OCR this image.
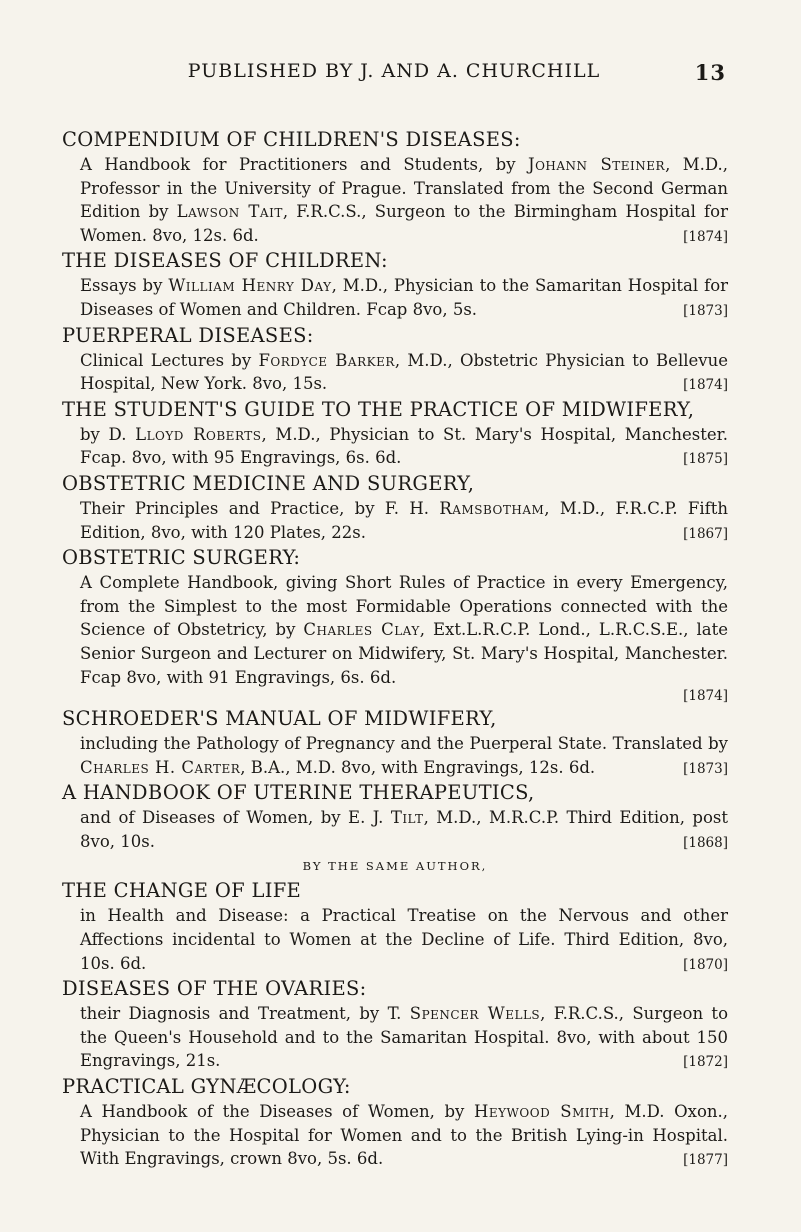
PUBLISHED BY J. AND A. CHURCHILL	13
COMPENDIUM OF CHILDREN'S DISEASES:
A Handbook for Practitioners and Students, by Johann Steiner, M.D., Professor in the University of Prague. Translated from the Second German Edition by Lawson Tait, F.R.C.S., Surgeon to the Birmingham Hospital for Women. 8vo, 12s. 6d.	[1874]
THE DISEASES OF CHILDREN:
Essays by William Henry Day, M.D., Physician to the Samaritan Hospital for Diseases of Women and Children. Fcap 8vo, 5s.	[1873]
PUERPERAL DISEASES:
Clinical Lectures by Fordyce Barker, M.D., Obstetric Physician to Bellevue Hospital, New York. 8vo, 15s.	[1874]
THE STUDENT'S GUIDE TO THE PRACTICE OF MIDWIFERY,
by D. Lloyd Roberts, M.D., Physician to St. Mary's Hospital, Manchester. Fcap. 8vo, with 95 Engravings, 6s. 6d.	[1875]
OBSTETRIC MEDICINE AND SURGERY,
Their Principles and Practice, by F. H. Ramsbotham, M.D., F.R.C.P. Fifth Edition, 8vo, with 120 Plates, 22s.	[1867]
OBSTETRIC SURGERY:
A Complete Handbook, giving Short Rules of Practice in every Emergency, from the Simplest to the most Formidable Operations connected with the Science of Obstetricy, by Charles Clay, Ext.L.R.C.P. Lond., L.R.C.S.E., late Senior Surgeon and Lecturer on Midwifery, St. Mary's Hospital, Manchester. Fcap 8vo, with 91 Engravings, 6s. 6d.
[1874]
SCHROEDER'S MANUAL OF MIDWIFERY,
including the Pathology of Pregnancy and the Puerperal State. Translated by Charles H. Carter, B.A., M.D. 8vo, with Engravings, 12s. 6d.	[1873]
A HANDBOOK OF UTERINE THERAPEUTICS,
and of Diseases of Women, by E. J. Tilt, M.D., M.R.C.P. Third Edition, post 8vo, 10s.	[1868]
BY THE SAME AUTHOR,
THE CHANGE OF LIFE
in Health and Disease: a Practical Treatise on the Nervous and other Affections incidental to Women at the Decline of Life. Third Edition, 8vo, 10s. 6d.	[1870]
DISEASES OF THE OVARIES:
their Diagnosis and Treatment, by T. Spencer Wells, F.R.C.S., Surgeon to the Queen's Household and to the Samaritan Hospital. 8vo, with about 150 Engravings, 21s.	[1872]
PRACTICAL GYNÆCOLOGY:
A Handbook of the Diseases of Women, by Heywood Smith, M.D. Oxon., Physician to the Hospital for Women and to the British Lying-in Hospital. With Engravings, crown 8vo, 5s. 6d.	[1877]
